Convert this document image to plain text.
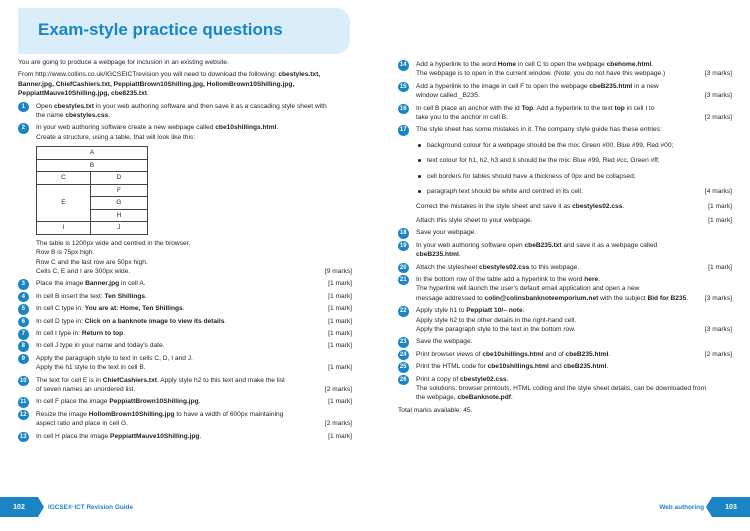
Exam-style practice questions

You are going to produce a webpage for inclusion in an existing website.

From http://www.collins.co.uk/IGCSEICTrevision you will need to download the following: cbestyles.txt, Banner.jpg, ChiefCashiers.txt, PeppiattBrown10Shilling.jpg, HollomBrown10Shilling.jpg, PeppiattMauve10Shilling.jpg, cbe8235.txt.

1	Open cbestyles.txt in your web authoring software and then save it as a cascading style sheet with
the name cbestyles.css.
2	In your web authoring software create a new webpage called cbe10shillings.html.
Create a structure, using a table, that will look like this:
A	
B	
C	D
E	F
	G
	H
I	J
The table is 1200px wide and centred in the browser.
Row B is 75px high.
Row C and the last row are 50px high.
Cells C, E and I are 300px wide.	[9 marks]
3	Place the image Banner.jpg in cell A.	[1 mark]
4	In cell B insert the text: Ten Shillings.	[1 mark]
5	In cell C type in: You are at: Home, Ten Shillings.	[1 mark]
6	In cell D type in: Click on a banknote image to view its details.	[1 mark]
7	In cell I type in: Return to top.	[1 mark]
8	In cell J type in your name and today's date.	[1 mark]
9	Apply the paragraph style to text in cells C, D, I and J.
Apply the h1 style to the text in cell B.	[1 mark]
10 The text for cell E is in ChiefCashiers.txt. Apply style h2 to this text and make the list
of seven names an unordered list.	[2 marks]
11	In cell F place the image PeppiattBrown10Shilling.jpg.	[1 mark]
12 Resize the image HollomBrown10Shilling.jpg to have a width of 600px maintaining
aspect ratio and place in cell G.	[2 marks]
13 In cell H place the image PeppiattMauve10Shilling.jpg.	[1 mark]
14 Add a hyperlink to the word Home in cell C to open the webpage cbehome.html.
The webpage is to open in the current window. (Note: you do not have this webpage.)	[3 marks]
15 Add a hyperlink to the image in cell F to open the webpage cbeB235.html in a new
window called _B235.	[3 marks]
16 In cell B place an anchor with the id Top. Add a hyperlink to the text top in cell I to
take you to the anchor in cell B.	[2 marks]
17 The style sheet has some mistakes in it. The company style guide has these entries:
background colour for a webpage should be the mix: Green #00, Blue #99, Red #00;
text colour for h1, h2, h3 and li should be the mix: Blue #99, Red #cc, Green #ff;
cell borders for tables should have a thickness of 0px and be collapsed;
paragraph text should be white and centred in its cell.	[4 marks]
Correct the mistakes in the style sheet and save it as cbestyles02.css.	[1 mark]
Attach this style sheet to your webpage.	[1 mark]
18 Save your webpage.
19 In your web authoring software open cbeB235.txt and save it as a webpage called
cbeB235.html.
20 Attach the stylesheet cbestyles02.css to this webpage.	[1 mark]
21 In the bottom row of the table add a hyperlink to the word here.
The hyperlink will launch the user's default email application and open a new
message addressed to colin@colinsbanknoteemporium.net with the subject Bid for B235.	[3 marks]
22 Apply style h1 to Peppiatt 10/– note.
Apply style h2 to the other details in the right-hand cell.
Apply the paragraph style to the text in the bottom row.	[3 marks]
23 Save the webpage.
24 Print browser views of cbe10shillings.html and of cbeB235.html.	[2 marks]
25 Print the HTML code for cbe10shillings.html and cbeB235.html.
26 Print a copy of cbestyle02.css.
The solutions: browser printouts, HTML coding and the style sheet details, can be downloaded from
the webpage, cbeBanknote.pdf.
Total marks available: 45.
102	IGCSE® ICT Revision Guide	Web authoring	103
